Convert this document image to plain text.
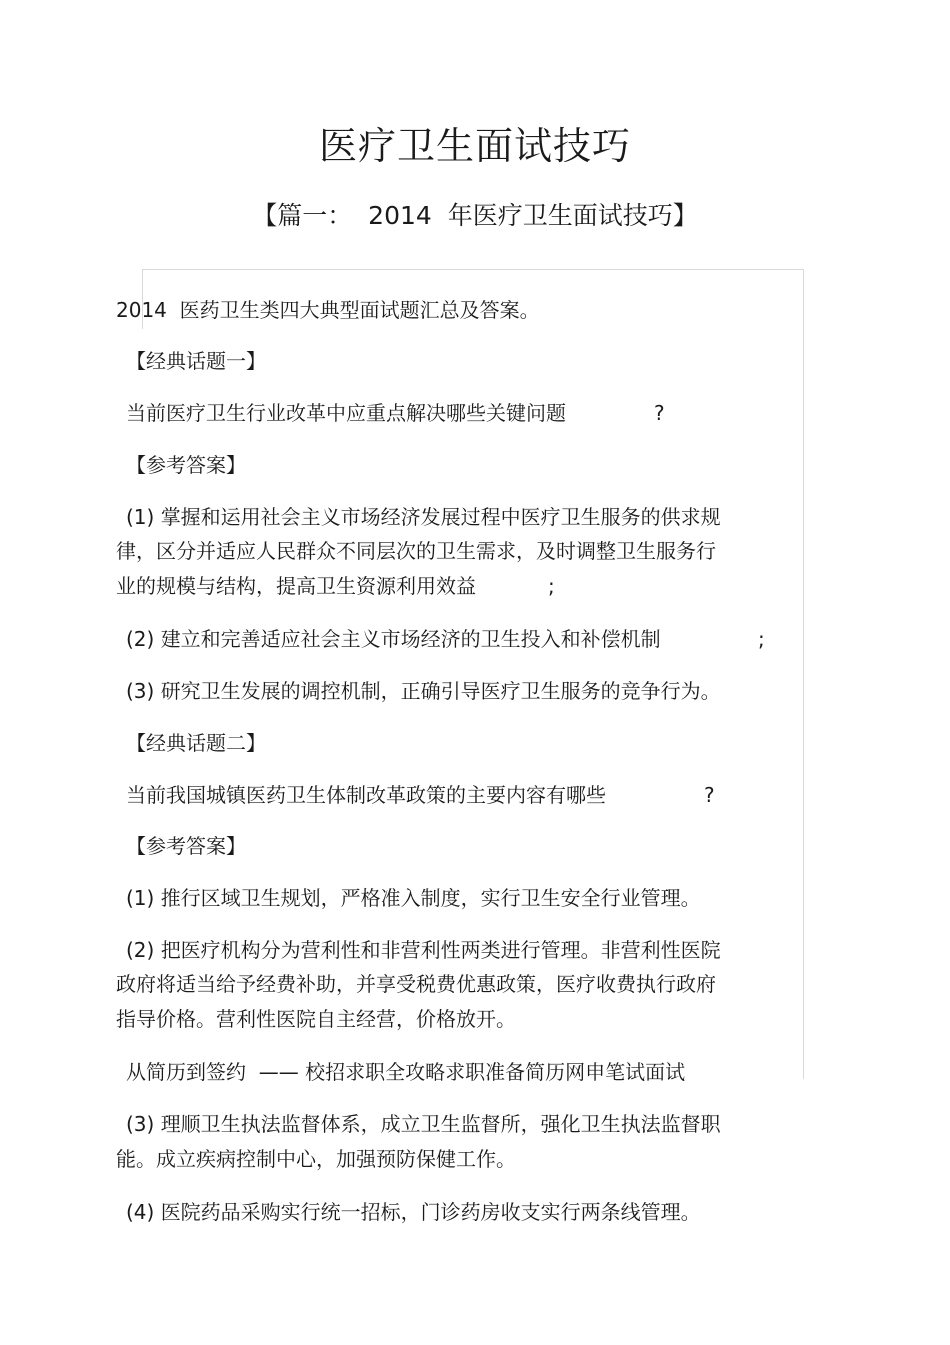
医疗卫生面试技巧
【篇一：  2014  年医疗卫生面试技巧】
2014  医药卫生类四大典型面试题汇总及答案。
【经典话题一】
当前医疗卫生行业改革中应重点解决哪些关键问题	?
【参考答案】
(1) 掌握和运用社会主义市场经济发展过程中医疗卫生服务的供求规
律，区分并适应人民群众不同层次的卫生需求，及时调整卫生服务行
业的规模与结构，提高卫生资源利用效益	;
(2) 建立和完善适应社会主义市场经济的卫生投入和补偿机制	;
(3) 研究卫生发展的调控机制，正确引导医疗卫生服务的竞争行为。
【经典话题二】
当前我国城镇医药卫生体制改革政策的主要内容有哪些	?
【参考答案】
(1) 推行区域卫生规划，严格准入制度，实行卫生安全行业管理。
(2) 把医疗机构分为营利性和非营利性两类进行管理。非营利性医院
政府将适当给予经费补助，并享受税费优惠政策，医疗收费执行政府
指导价格。营利性医院自主经营，价格放开。
从简历到签约  —— 校招求职全攻略求职准备简历网申笔试面试
(3) 理顺卫生执法监督体系，成立卫生监督所，强化卫生执法监督职
能。成立疾病控制中心，加强预防保健工作。
(4) 医院药品采购实行统一招标，门诊药房收支实行两条线管理。
